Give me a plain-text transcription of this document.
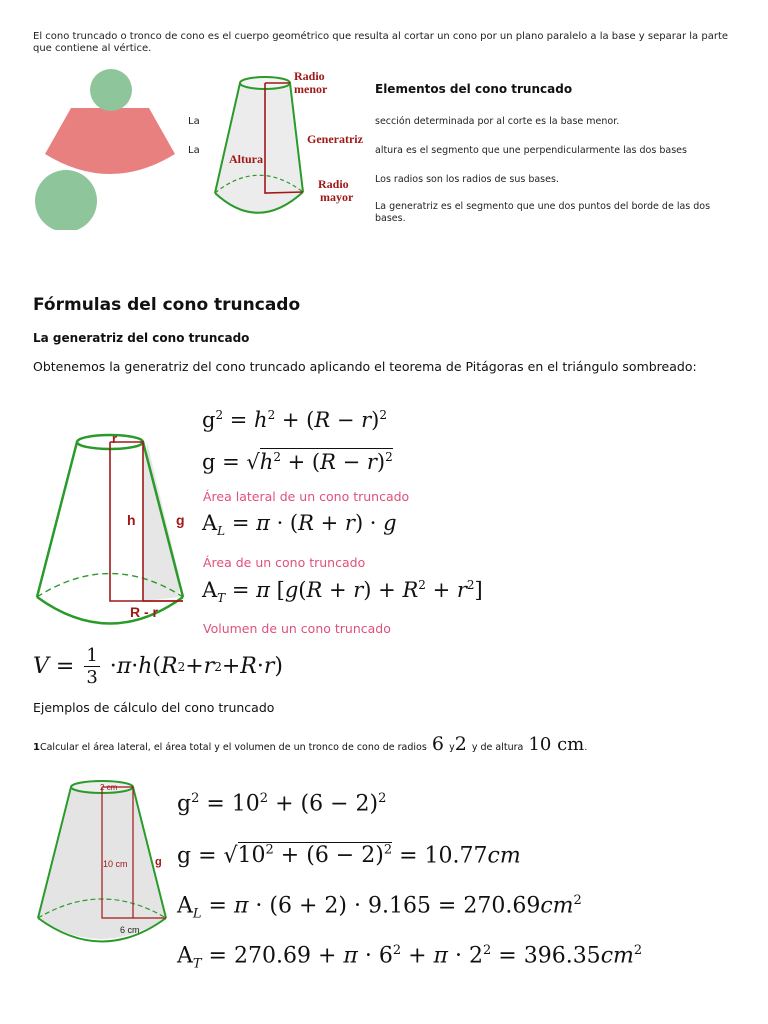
El cono truncado o tronco de cono es el cuerpo geométrico que resulta al cortar un cono por un plano paralelo a la base y separar la parte que contiene al vértice.
La
La
Radio
menor
Generatriz
Altura
Radio
mayor
Elementos del cono truncado
sección determinada por al corte es la base menor.
altura es el segmento que une perpendicularmente las dos bases
Los radios son los radios de sus bases.
La generatriz es el segmento que une dos puntos del borde de las dos bases.
Fórmulas del cono truncado
La generatriz del cono truncado
Obtenemos la generatriz del cono truncado aplicando el teorema de Pitágoras en el triángulo sombreado:
r
h	g
R - r
$g^2 = h^2 + (R - r)^2$
$g = √h^2 + (R - r)^2$
Área lateral de un cono truncado
$A_L = \pi \cdot (R + r) \cdot g$
Área de un cono truncado
$A_T = \pi$ $[g(R + r) + R^2 + r^2]$
Volumen de un cono truncado
V = 1
3 · π · h ( R 2 + r 2 + R · r )
Ejemplos de cálculo del cono truncado
1Calcular el área lateral, el área total y el volumen de un tronco de cono de radios 6 y2 y de altura 10 cm.
2 cm
10 cm g
6 cm
$g^2 = 10^2 + (6 - 2)^2$
$g = √10^2 + (6 - 2)^2 = 10.77cm$
$A_L = \pi \cdot (6 + 2) \cdot 9.165 = 270.69cm^2$
$A_T = 270.69 + \pi \cdot 6^2 + \pi \cdot 2^2 = 396.35cm^2$
